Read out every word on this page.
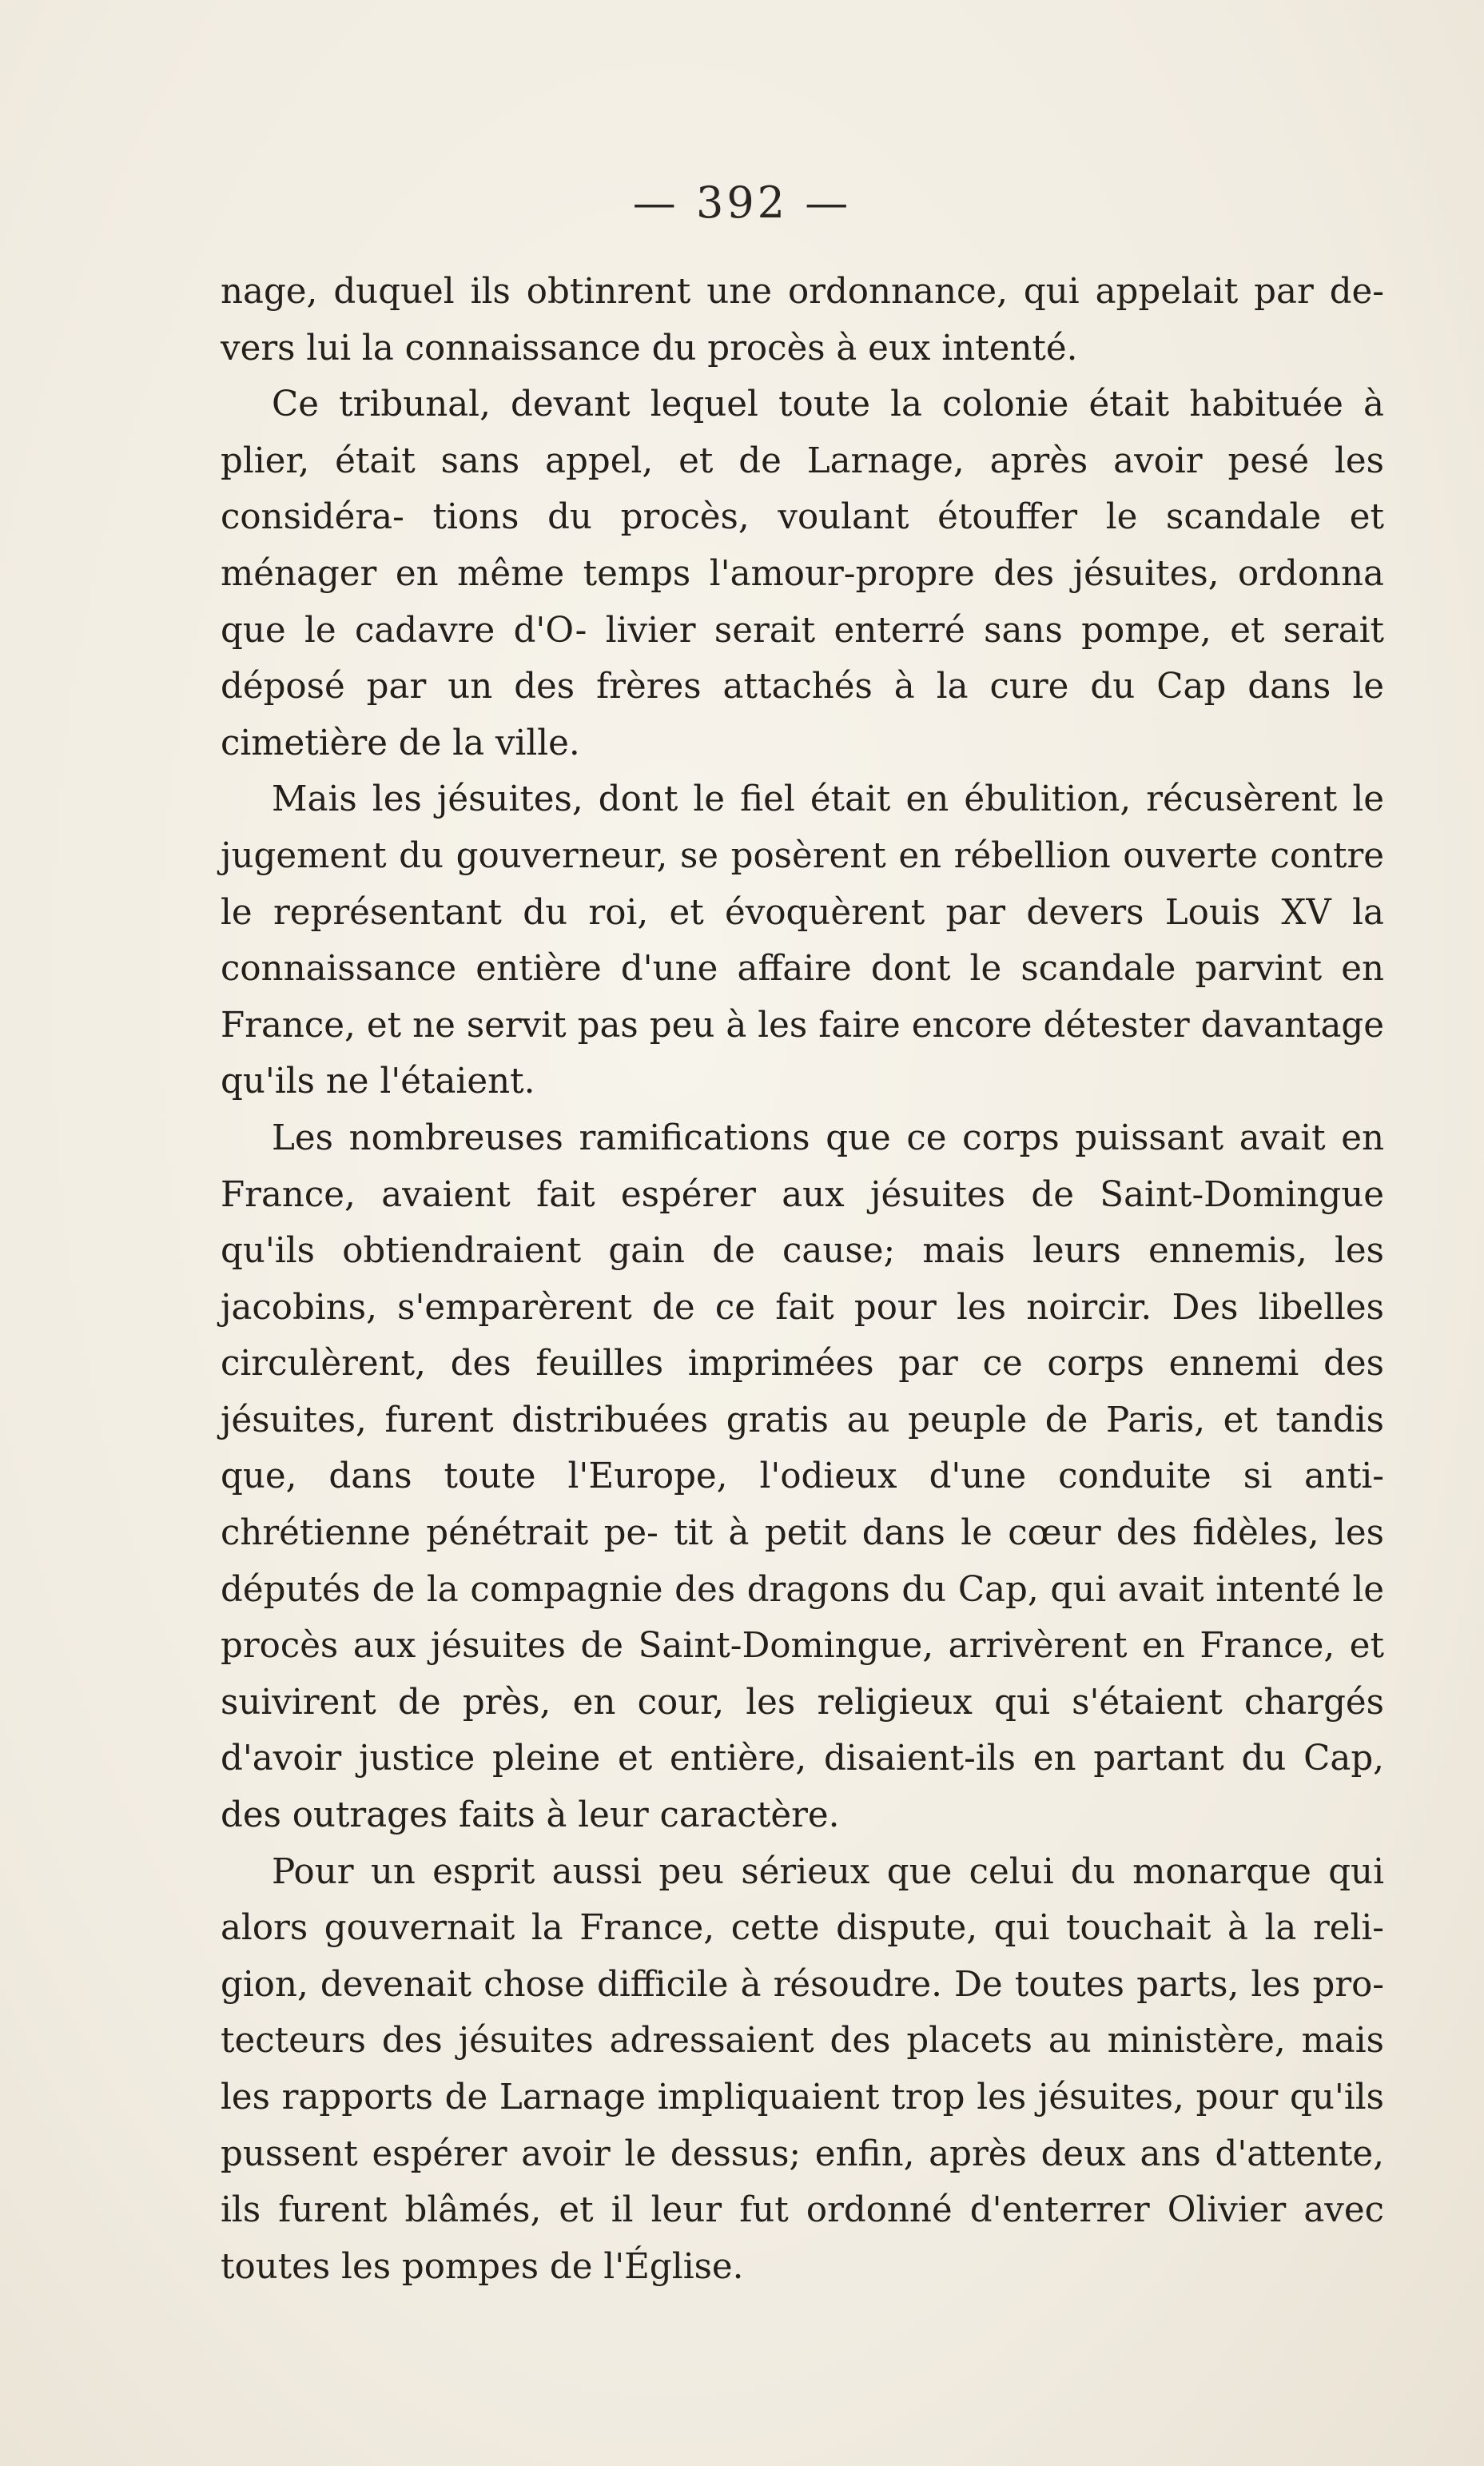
— 392 —

nage, duquel ils obtinrent une ordonnance, qui appelait par de- vers lui la connaissance du procès à eux intenté.

Ce tribunal, devant lequel toute la colonie était habituée à plier, était sans appel, et de Larnage, après avoir pesé les considéra- tions du procès, voulant étouffer le scandale et ménager en même temps l'amour-propre des jésuites, ordonna que le cadavre d'O- livier serait enterré sans pompe, et serait déposé par un des frères attachés à la cure du Cap dans le cimetière de la ville.

Mais les jésuites, dont le fiel était en ébulition, récusèrent le jugement du gouverneur, se posèrent en rébellion ouverte contre le représentant du roi, et évoquèrent par devers Louis XV la connaissance entière d'une affaire dont le scandale parvint en France, et ne servit pas peu à les faire encore détester davantage qu'ils ne l'étaient.

Les nombreuses ramifications que ce corps puissant avait en France, avaient fait espérer aux jésuites de Saint-Domingue qu'ils obtiendraient gain de cause; mais leurs ennemis, les jacobins, s'emparèrent de ce fait pour les noircir. Des libelles circulèrent, des feuilles imprimées par ce corps ennemi des jésuites, furent distribuées gratis au peuple de Paris, et tandis que, dans toute l'Europe, l'odieux d'une conduite si anti-chrétienne pénétrait pe- tit à petit dans le cœur des fidèles, les députés de la compagnie des dragons du Cap, qui avait intenté le procès aux jésuites de Saint-Domingue, arrivèrent en France, et suivirent de près, en cour, les religieux qui s'étaient chargés d'avoir justice pleine et entière, disaient-ils en partant du Cap, des outrages faits à leur caractère.

Pour un esprit aussi peu sérieux que celui du monarque qui alors gouvernait la France, cette dispute, qui touchait à la reli- gion, devenait chose difficile à résoudre. De toutes parts, les pro- tecteurs des jésuites adressaient des placets au ministère, mais les rapports de Larnage impliquaient trop les jésuites, pour qu'ils pussent espérer avoir le dessus; enfin, après deux ans d'attente, ils furent blâmés, et il leur fut ordonné d'enterrer Olivier avec toutes les pompes de l'Église.
